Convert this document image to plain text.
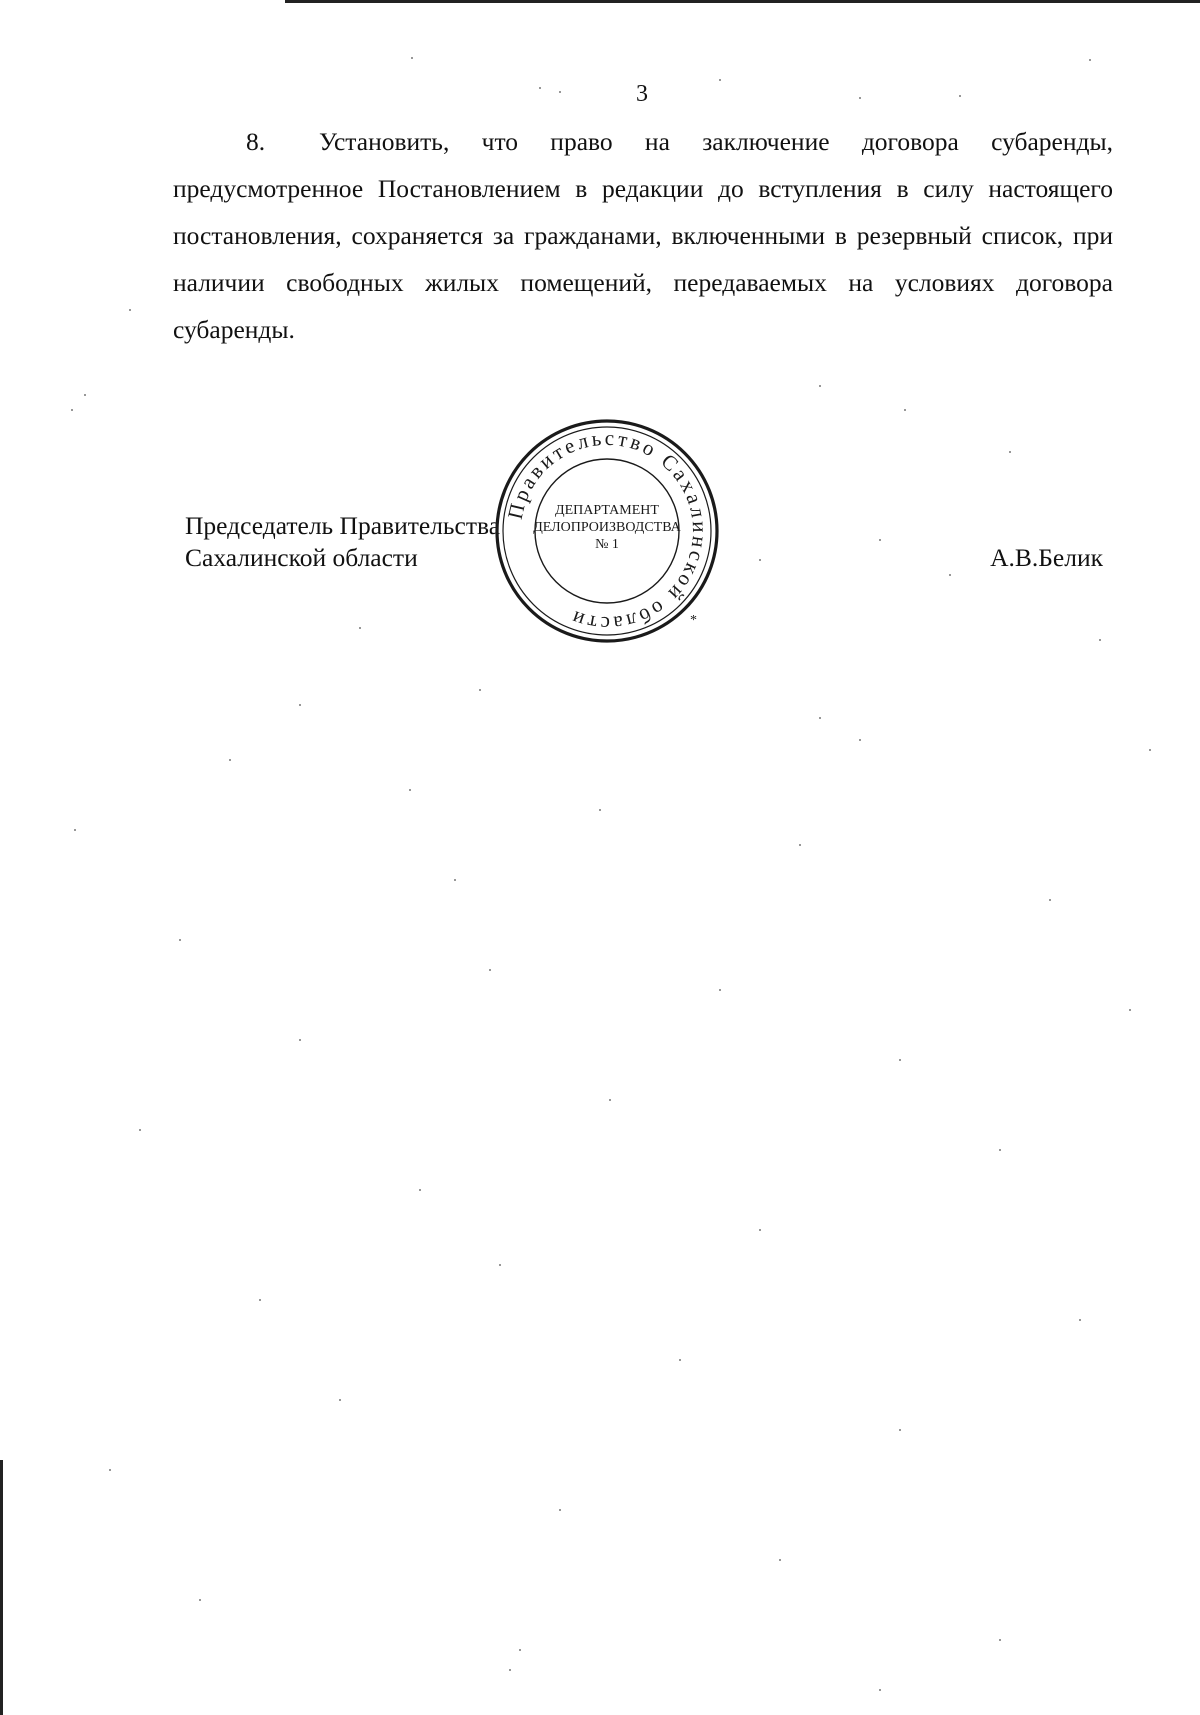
3

8. Установить, что право на заключение договора субаренды, предусмотренное Постановлением в редакции до вступления в силу настоящего постановления, сохраняется за гражданами, включенными в резервный список, при наличии свободных жилых помещений, передаваемых на условиях договора субаренды.

Председатель Правительства
Сахалинской области
Правительство Сахалинской области	*
ДЕПАРТАМЕНТ
ДЕЛОПРОИЗВОДСТВА
№ 1	А.В.Белик
